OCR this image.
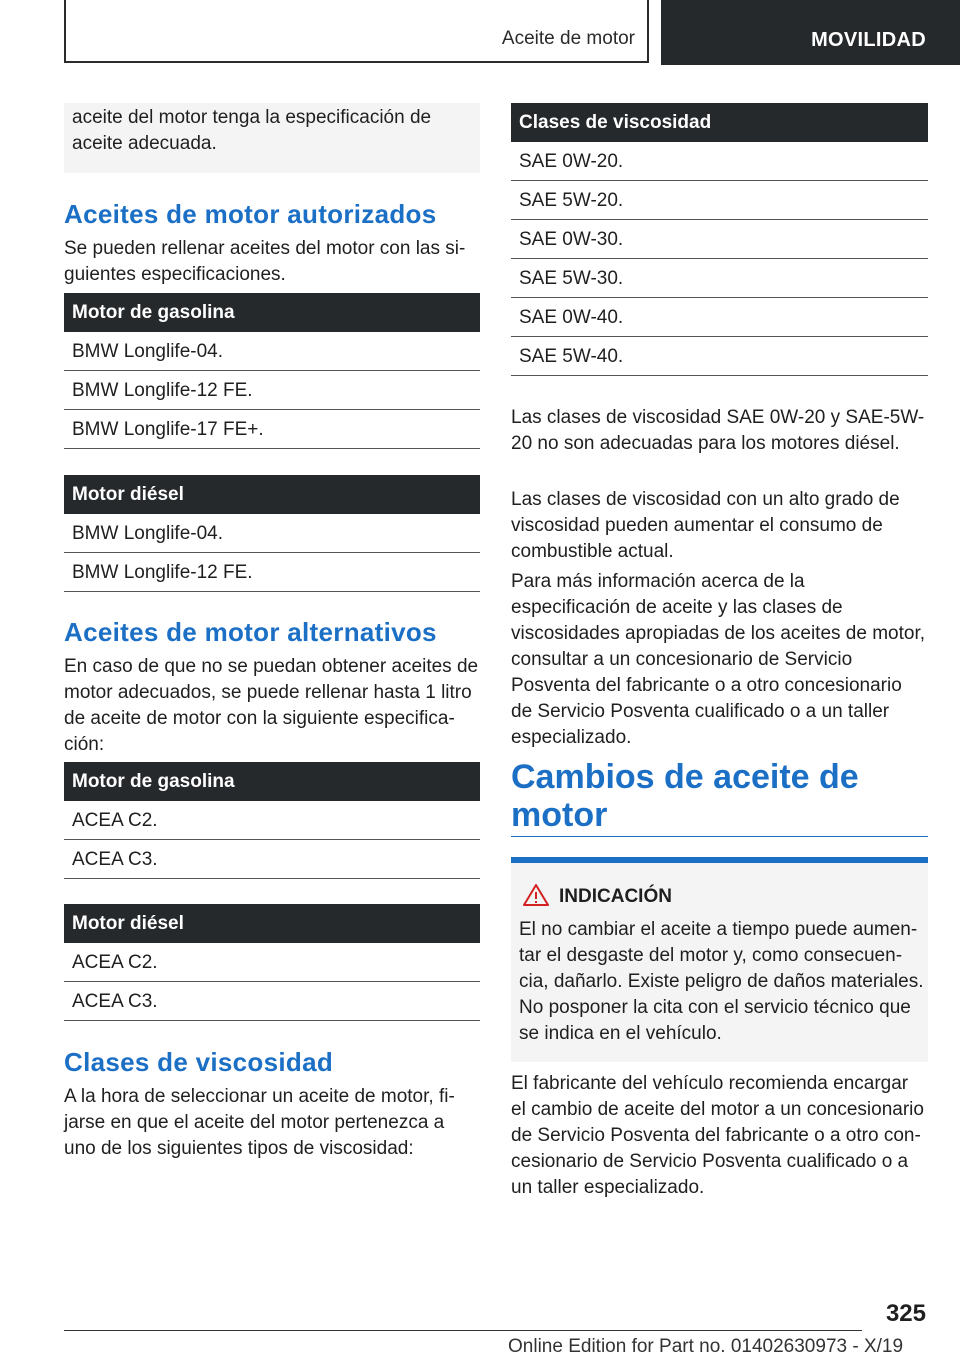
Aceite de motor	MOVILIDAD

aceite del motor tenga la especificación de aceite adecuada.

Aceites de motor autorizados

Se pueden rellenar aceites del motor con las siguientes especificaciones.

Motor de gasolina
BMW Longlife-04.
BMW Longlife-12 FE.
BMW Longlife-17 FE+.
Motor diésel
BMW Longlife-04.
BMW Longlife-12 FE.
Aceites de motor alternativos

En caso de que no se puedan obtener aceites de motor adecuados, se puede rellenar hasta 1 litro de aceite de motor con la siguiente especificación:

Motor de gasolina
ACEA C2.
ACEA C3.
Motor diésel
ACEA C2.
ACEA C3.
Clases de viscosidad

A la hora de seleccionar un aceite de motor, fijarse en que el aceite del motor pertenezca a uno de los siguientes tipos de viscosidad:

Clases de viscosidad
SAE 0W-20.
SAE 5W-20.
SAE 0W-30.
SAE 5W-30.
SAE 0W-40.
SAE 5W-40.

Las clases de viscosidad SAE 0W-20 y SAE-5W-20 no son adecuadas para los motores diésel.

Las clases de viscosidad con un alto grado de viscosidad pueden aumentar el consumo de combustible actual.

Para más información acerca de la especificación de aceite y las clases de viscosidades apropiadas de los aceites de motor, consultar a un concesionario de Servicio Posventa del fabricante o a otro concesionario de Servicio Posventa cualificado o a un taller especializado.

Cambios de aceite de motor
INDICACIÓN

El no cambiar el aceite a tiempo puede aumentar el desgaste del motor y, como consecuencia, dañarlo. Existe peligro de daños materiales. No posponer la cita con el servicio técnico que se indica en el vehículo.

El fabricante del vehículo recomienda encargar el cambio de aceite del motor a un concesionario de Servicio Posventa del fabricante o a otro concesionario de Servicio Posventa cualificado o a un taller especializado.

325
Online Edition for Part no. 01402630973 - X/19
